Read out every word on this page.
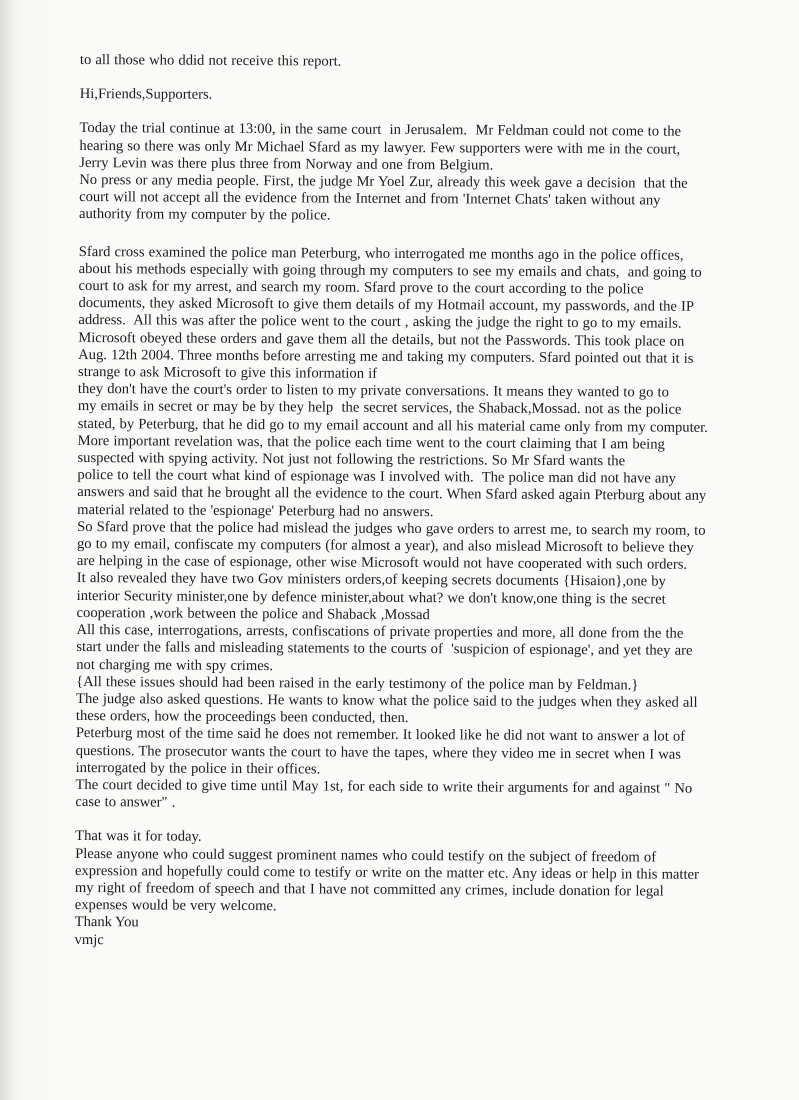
to all those who ddid not receive this report.

Hi,Friends,Supporters.

Today the trial continue at 13:00, in the same court  in Jerusalem.  Mr Feldman could not come to the
hearing so there was only Mr Michael Sfard as my lawyer. Few supporters were with me in the court,
Jerry Levin was there plus three from Norway and one from Belgium.
No press or any media people. First, the judge Mr Yoel Zur, already this week gave a decision  that the
court will not accept all the evidence from the Internet and from 'Internet Chats' taken without any
authority from my computer by the police.

Sfard cross examined the police man Peterburg, who interrogated me months ago in the police offices,
about his methods especially with going through my computers to see my emails and chats,  and going to
court to ask for my arrest, and search my room. Sfard prove to the court according to the police
documents, they asked Microsoft to give them details of my Hotmail account, my passwords, and the IP
address.  All this was after the police went to the court , asking the judge the right to go to my emails.
Microsoft obeyed these orders and gave them all the details, but not the Passwords. This took place on
Aug. 12th 2004. Three months before arresting me and taking my computers. Sfard pointed out that it is
strange to ask Microsoft to give this information if
they don't have the court's order to listen to my private conversations. It means they wanted to go to
my emails in secret or may be by they help  the secret services, the Shaback,Mossad. not as the police
stated, by Peterburg, that he did go to my email account and all his material came only from my computer.
More important revelation was, that the police each time went to the court claiming that I am being
suspected with spying activity. Not just not following the restrictions. So Mr Sfard wants the
police to tell the court what kind of espionage was I involved with.  The police man did not have any
answers and said that he brought all the evidence to the court. When Sfard asked again Pterburg about any
material related to the 'espionage' Peterburg had no answers.
So Sfard prove that the police had mislead the judges who gave orders to arrest me, to search my room, to
go to my email, confiscate my computers (for almost a year), and also mislead Microsoft to believe they
are helping in the case of espionage, other wise Microsoft would not have cooperated with such orders.
It also revealed they have two Gov ministers orders,of keeping secrets documents {Hisaion},one by
interior Security minister,one by defence minister,about what? we don't know,one thing is the secret
cooperation ,work between the police and Shaback ,Mossad
All this case, interrogations, arrests, confiscations of private properties and more, all done from the the
start under the falls and misleading statements to the courts of  'suspicion of espionage', and yet they are
not charging me with spy crimes.
{All these issues should had been raised in the early testimony of the police man by Feldman.}
The judge also asked questions. He wants to know what the police said to the judges when they asked all
these orders, how the proceedings been conducted, then.
Peterburg most of the time said he does not remember. It looked like he did not want to answer a lot of
questions. The prosecutor wants the court to have the tapes, where they video me in secret when I was
interrogated by the police in their offices.
The court decided to give time until May 1st, for each side to write their arguments for and against " No
case to answer" .

That was it for today.
Please anyone who could suggest prominent names who could testify on the subject of freedom of
expression and hopefully could come to testify or write on the matter etc. Any ideas or help in this matter
my right of freedom of speech and that I have not committed any crimes, include donation for legal
expenses would be very welcome.

Thank You

vmjc
